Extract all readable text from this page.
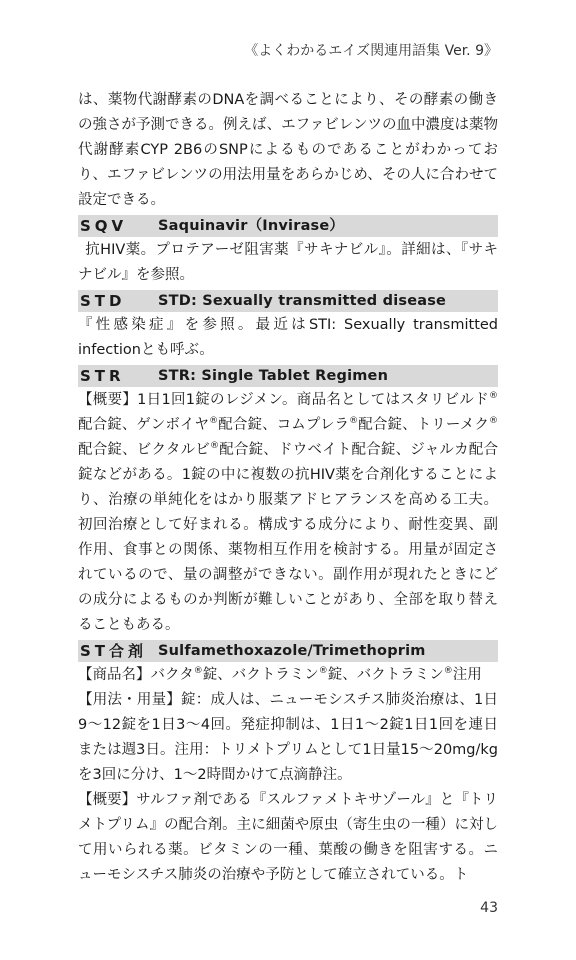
《よくわかるエイズ関連用語集 Ver. 9》

は、薬物代謝酵素のDNAを調べることにより、その酵素の働きの強さが予測できる。例えば、エファビレンツの血中濃度は薬物代謝酵素CYP 2B6のSNPによるものであることがわかっており、エファビレンツの用法用量をあらかじめ、その人に合わせて設定できる。

SQV	Saquinavir（Invirase）

抗HIV薬。プロテアーゼ阻害薬『サキナビル』。詳細は、『サキナビル』を参照。

STD	STD: Sexually transmitted disease

『性感染症』を参照。最近はSTI: Sexually transmitted infectionとも呼ぶ。

STR	STR: Single Tablet Regimen

【概要】1日1回1錠のレジメン。商品名としてはスタリビルド®配合錠、ゲンボイヤ®配合錠、コムプレラ®配合錠、トリーメク®配合錠、ビクタルビ®配合錠、ドウベイト配合錠、ジャルカ配合錠などがある。1錠の中に複数の抗HIV薬を合剤化することにより、治療の単純化をはかり服薬アドヒアランスを高める工夫。初回治療として好まれる。構成する成分により、耐性変異、副作用、食事との関係、薬物相互作用を検討する。用量が固定されているので、量の調整ができない。副作用が現れたときにどの成分によるものか判断が難しいことがあり、全部を取り替えることもある。

ST合剤 Sulfamethoxazole/Trimethoprim

【商品名】バクタ®錠、バクトラミン®錠、バクトラミン®注用

【用法・用量】錠：成人は、ニューモシスチス肺炎治療は、1日9〜12錠を1日3〜4回。発症抑制は、1日1〜2錠1日1回を連日または週3日。注用：トリメトプリムとして1日量15〜20mg/kgを3回に分け、1〜2時間かけて点滴静注。

【概要】サルファ剤である『スルファメトキサゾール』と『トリメトプリム』の配合剤。主に細菌や原虫（寄生虫の一種）に対して用いられる薬。ビタミンの一種、葉酸の働きを阻害する。ニューモシスチス肺炎の治療や予防として確立されている。ト

43
